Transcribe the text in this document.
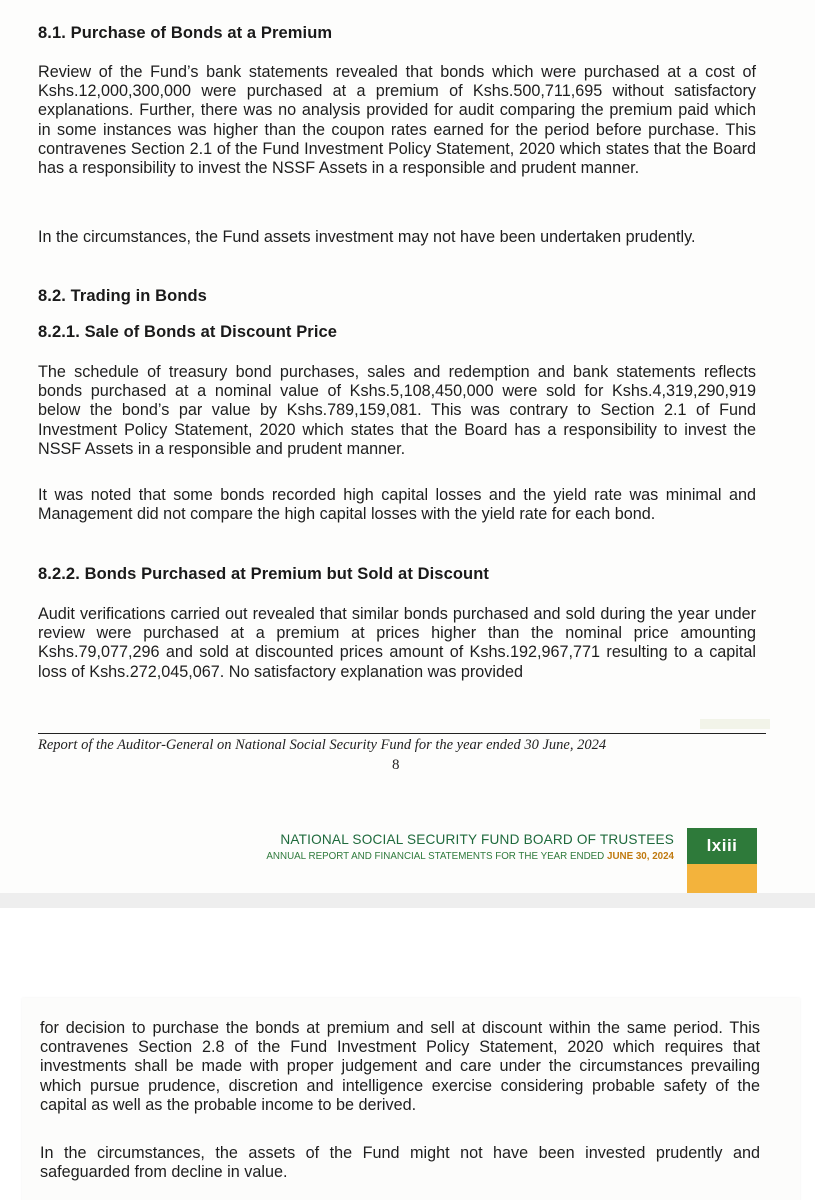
8.1. Purchase of Bonds at a Premium

Review of the Fund’s bank statements revealed that bonds which were purchased at a cost of Kshs.12,000,300,000 were purchased at a premium of Kshs.500,711,695 without satisfactory explanations. Further, there was no analysis provided for audit comparing the premium paid which in some instances was higher than the coupon rates earned for the period before purchase. This contravenes Section 2.1 of the Fund Investment Policy Statement, 2020 which states that the Board has a responsibility to invest the NSSF Assets in a responsible and prudent manner.

In the circumstances, the Fund assets investment may not have been undertaken prudently.

8.2. Trading in Bonds
8.2.1. Sale of Bonds at Discount Price

The schedule of treasury bond purchases, sales and redemption and bank statements reflects bonds purchased at a nominal value of Kshs.5,108,450,000 were sold for Kshs.4,319,290,919 below the bond’s par value by Kshs.789,159,081. This was contrary to Section 2.1 of Fund Investment Policy Statement, 2020 which states that the Board has a responsibility to invest the NSSF Assets in a responsible and prudent manner.

It was noted that some bonds recorded high capital losses and the yield rate was minimal and Management did not compare the high capital losses with the yield rate for each bond.

8.2.2. Bonds Purchased at Premium but Sold at Discount

Audit verifications carried out revealed that similar bonds purchased and sold during the year under review were purchased at a premium at prices higher than the nominal price amounting Kshs.79,077,296 and sold at discounted prices amount of Kshs.192,967,771 resulting to a capital loss of Kshs.272,045,067. No satisfactory explanation was provided

Report of the Auditor-General on National Social Security Fund for the year ended 30 June, 2024
8
NATIONAL SOCIAL SECURITY FUND BOARD OF TRUSTEES
ANNUAL REPORT AND FINANCIAL STATEMENTS FOR THE YEAR ENDED JUNE 30, 2024
lxiii

for decision to purchase the bonds at premium and sell at discount within the same period. This contravenes Section 2.8 of the Fund Investment Policy Statement, 2020 which requires that investments shall be made with proper judgement and care under the circumstances prevailing which pursue prudence, discretion and intelligence exercise considering probable safety of the capital as well as the probable income to be derived.

In the circumstances, the assets of the Fund might not have been invested prudently and safeguarded from decline in value.
